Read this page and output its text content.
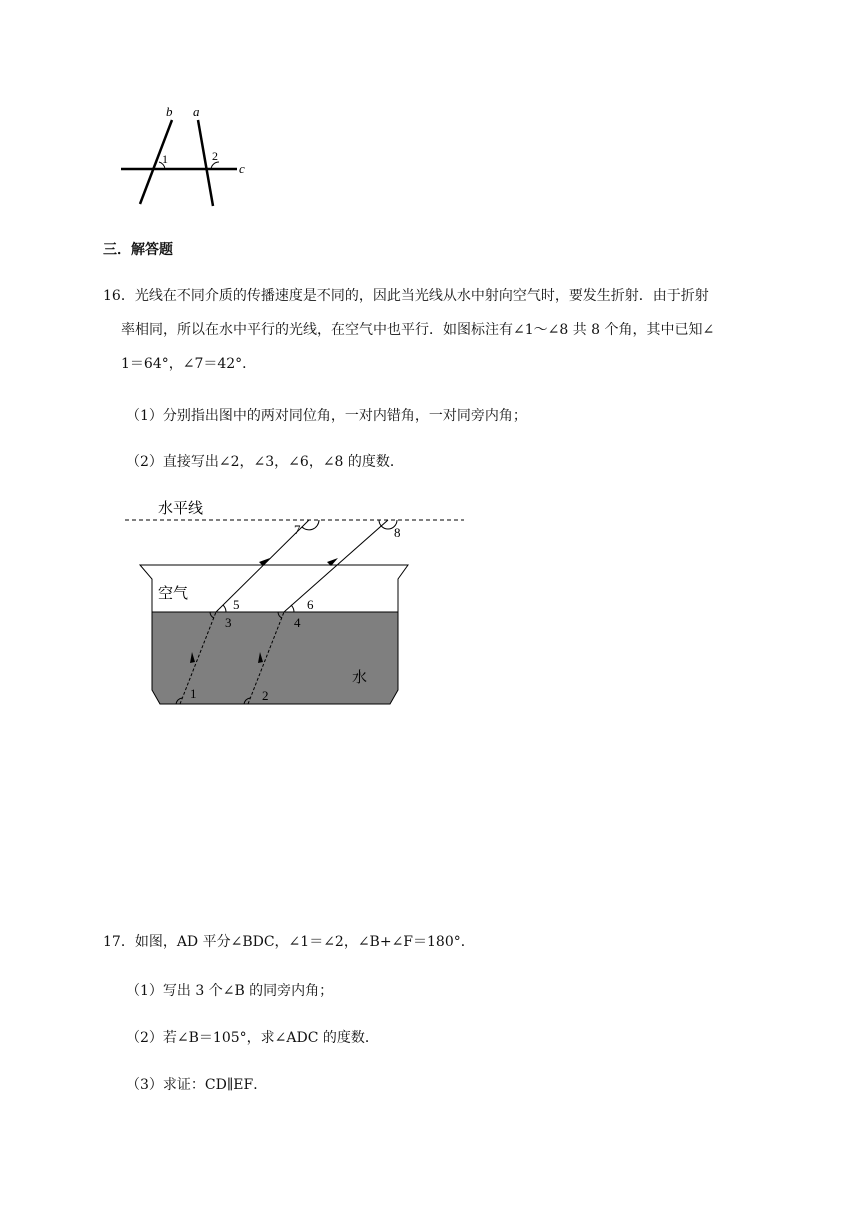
b a
c
1	2
三．解答题
16．光线在不同介质的传播速度是不同的，因此当光线从水中射向空气时，要发生折射．由于折射
率相同，所以在水中平行的光线，在空气中也平行．如图标注有∠1～∠8 共 8 个角，其中已知∠
1＝64°，∠7＝42°．
（1）分别指出图中的两对同位角，一对内错角，一对同旁内角；
（2）直接写出∠2，∠3，∠6，∠8 的度数．
水平线
空气
水
1	2
3	4
5	6
7	8
17．如图，AD 平分∠BDC，∠1＝∠2，∠B+∠F＝180°．
（1）写出 3 个∠B 的同旁内角；
（2）若∠B＝105°，求∠ADC 的度数．
（3）求证：CD∥EF．
